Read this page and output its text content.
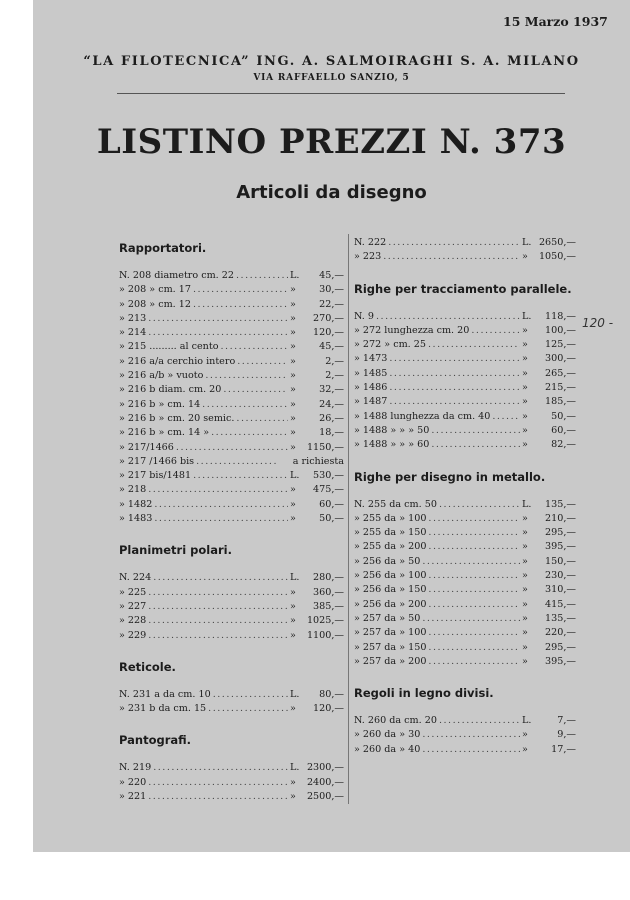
15 Marzo 1937
“LA FILOTECNICA” ING. A. SALMOIRAGHI S. A. MILANO
VIA RAFFAELLO SANZIO, 5
LISTINO PREZZI N. 373
Articoli da disegno
Rapportatori.
N. 208 diametro cm. 22 .....	L. 45,—
» 208 » cm. 17 .....	» 30,—
» 208 » cm. 12 .....	» 22,—
» 213 .....	» 270,—
» 214 .....	» 120,—
» 215 ......... al cento .....	» 45,—
» 216 a/a cerchio intero .....	»	2,—
» 216 a/b » vuoto .....	»	2,—
» 216 b diam. cm. 20 .....	» 32,—
» 216 b » cm. 14 .....	» 24,—
» 216 b » cm. 20 semic. .....	» 26,—
» 216 b » cm. 14 » .....	» 18,—
» 217/1466 .....	» 1150,—
» 217 /1466 bis .....	a richiesta
» 217 bis/1481 .....	L. 530,—
» 218 .....	» 475,—
» 1482 .....	» 60,—
» 1483 .....	» 50,—
Planimetri polari.
N. 224 .....	L. 280,—
» 225 .....	» 360,—
» 227 .....	» 385,—
» 228 .....	» 1025,—
» 229 .....	» 1100,—
Reticole.
N. 231 a da cm. 10 .....	L. 80,—
» 231 b da cm. 15 .....	» 120,—
Pantografi.
N. 219 .....	L. 2300,—
» 220 .....	» 2400,—
» 221 .....	» 2500,—
N. 222 .....	L. 2650,—
» 223 .....	» 1050,—
Righe per tracciamento parallele.
N. 9 .....	L. 118,—
» 272 lunghezza cm. 20 .....	» 100,—
» 272 » cm. 25 .....	» 125,—
» 1473 .....	» 300,—
» 1485 .....	» 265,—
» 1486 .....	» 215,—
» 1487 .....	» 185,—
» 1488 lunghezza da cm. 40 .....	» 50,—
» 1488 » » » 50 .....	» 60,—
» 1488 » » » 60 .....	» 82,—
Righe per disegno in metallo.
N. 255 da cm. 50 .....	L. 135,—
» 255 da » 100 .....	» 210,—
» 255 da » 150 .....	» 295,—
» 255 da » 200 .....	» 395,—
» 256 da » 50 .....	» 150,—
» 256 da » 100 .....	» 230,—
» 256 da » 150 .....	» 310,—
» 256 da » 200 .....	» 415,—
» 257 da » 50 .....	» 135,—
» 257 da » 100 .....	» 220,—
» 257 da » 150 .....	» 295,—
» 257 da » 200 .....	» 395,—
Regoli in legno divisi.
N. 260 da cm. 20 .....	L.	7,—
» 260 da » 30 .....	»	9,—
» 260 da » 40 .....	» 17,—
120 -
